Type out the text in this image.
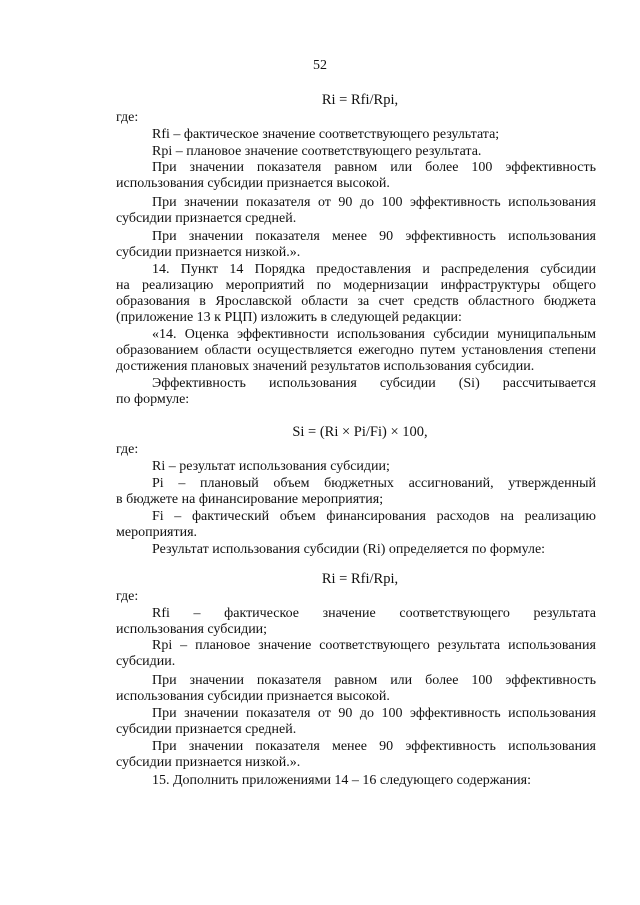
52
Ri = Rfi/Rpi,
где:
Rfi – фактическое значение соответствующего результата;
Rpi – плановое значение соответствующего результата.
При значении показателя равном или более 100 эффективность
использования субсидии признается высокой.
При значении показателя от 90 до 100 эффективность использования
субсидии признается средней.
При значении показателя менее 90 эффективность использования
субсидии признается низкой.».
14. Пункт 14 Порядка предоставления и распределения субсидии
на реализацию мероприятий по модернизации инфраструктуры общего
образования в Ярославской области за счет средств областного бюджета
(приложение 13 к РЦП) изложить в следующей редакции:
«14. Оценка эффективности использования субсидии муниципальным
образованием области осуществляется ежегодно путем установления степени
достижения плановых значений результатов использования субсидии.
Эффективность использования субсидии (Si) рассчитывается
по формуле:
Si = (Ri × Pi/Fi) × 100,
где:
Ri – результат использования субсидии;
Pi – плановый объем бюджетных ассигнований, утвержденный
в бюджете на финансирование мероприятия;
Fi – фактический объем финансирования расходов на реализацию
мероприятия.
Результат использования субсидии (Ri) определяется по формуле:
Ri = Rfi/Rpi,
где:
Rfi – фактическое значение соответствующего результата
использования субсидии;
Rpi – плановое значение соответствующего результата использования
субсидии.
При значении показателя равном или более 100 эффективность
использования субсидии признается высокой.
При значении показателя от 90 до 100 эффективность использования
субсидии признается средней.
При значении показателя менее 90 эффективность использования
субсидии признается низкой.».
15. Дополнить приложениями 14 – 16 следующего содержания:
